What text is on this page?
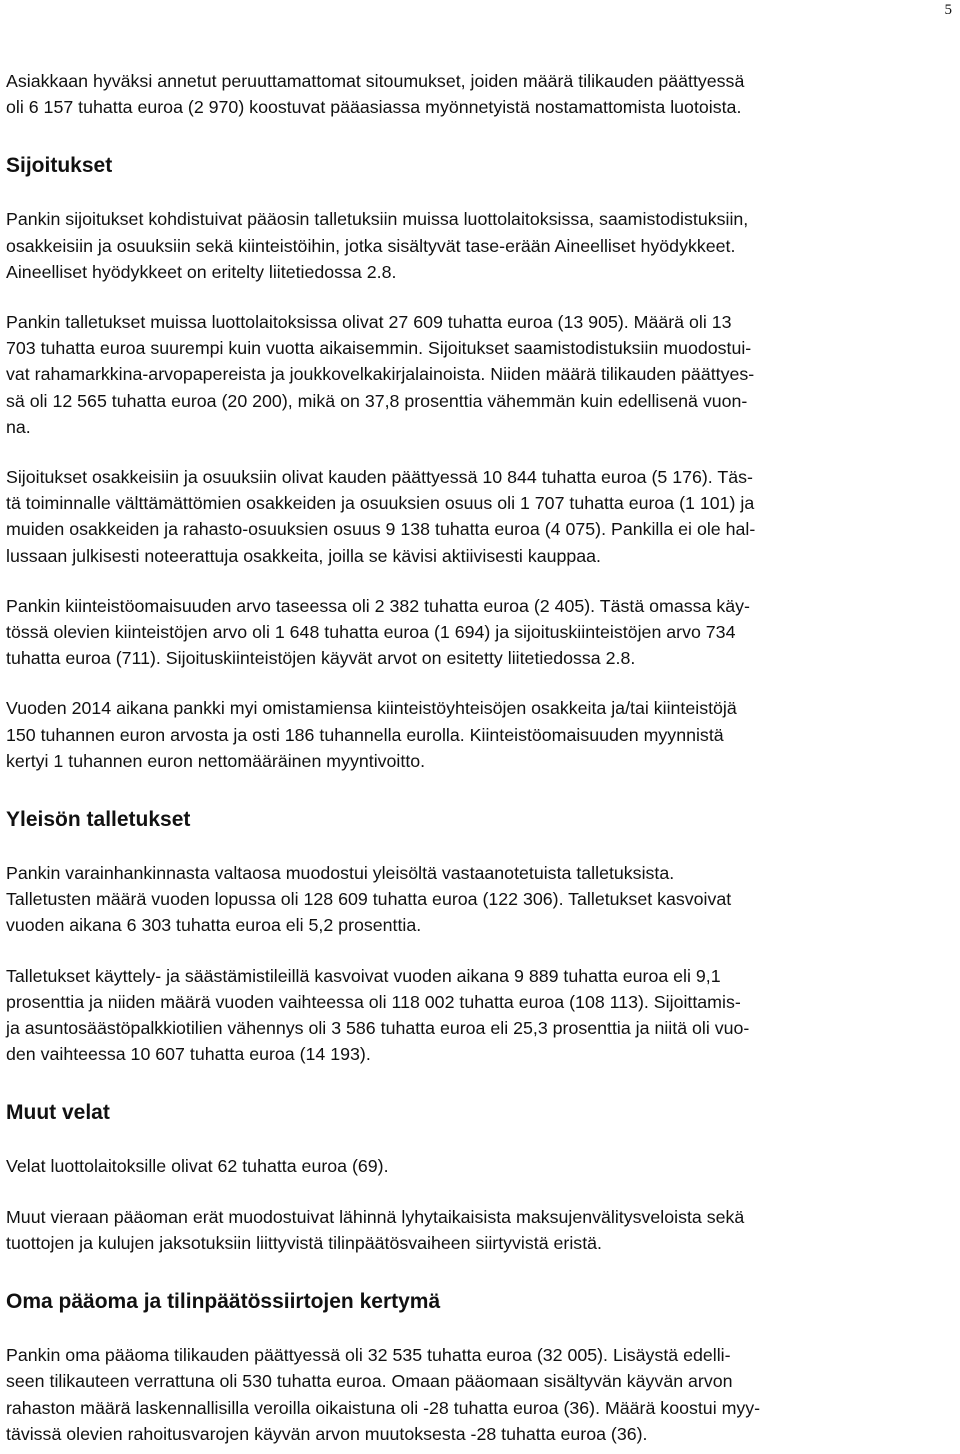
5

Asiakkaan hyväksi annetut peruuttamattomat sitoumukset, joiden määrä tilikauden päättyessä
oli 6 157 tuhatta euroa (2 970) koostuvat pääasiassa myönnetyistä nostamattomista luotoista.

Sijoitukset

Pankin sijoitukset kohdistuivat pääosin talletuksiin muissa luottolaitoksissa, saamistodistuksiin,
osakkeisiin ja osuuksiin sekä kiinteistöihin, jotka sisältyvät tase-erään Aineelliset hyödykkeet.
Aineelliset hyödykkeet on eritelty liitetiedossa 2.8.

Pankin talletukset muissa luottolaitoksissa olivat 27 609 tuhatta euroa (13 905). Määrä oli 13
703 tuhatta euroa suurempi kuin vuotta aikaisemmin. Sijoitukset saamistodistuksiin muodostui-
vat rahamarkkina-arvopapereista ja joukkovelkakirjalainoista. Niiden määrä tilikauden päättyes-
sä oli 12 565 tuhatta euroa (20 200), mikä on 37,8 prosenttia vähemmän kuin edellisenä vuon-
na.

Sijoitukset osakkeisiin ja osuuksiin olivat kauden päättyessä 10 844 tuhatta euroa (5 176). Täs-
tä toiminnalle välttämättömien osakkeiden ja osuuksien osuus oli 1 707 tuhatta euroa (1 101) ja
muiden osakkeiden ja rahasto-osuuksien osuus 9 138 tuhatta euroa (4 075). Pankilla ei ole hal-
lussaan julkisesti noteerattuja osakkeita, joilla se kävisi aktiivisesti kauppaa.

Pankin kiinteistöomaisuuden arvo taseessa oli 2 382 tuhatta euroa (2 405). Tästä omassa käy-
tössä olevien kiinteistöjen arvo oli 1 648 tuhatta euroa (1 694) ja sijoituskiinteistöjen arvo 734
tuhatta euroa (711). Sijoituskiinteistöjen käyvät arvot on esitetty liitetiedossa 2.8.

Vuoden 2014 aikana pankki myi omistamiensa kiinteistöyhteisöjen osakkeita ja/tai kiinteistöjä
150 tuhannen euron arvosta ja osti 186 tuhannella eurolla. Kiinteistöomaisuuden myynnistä
kertyi 1 tuhannen euron nettomääräinen myyntivoitto.

Yleisön talletukset

Pankin varainhankinnasta valtaosa muodostui yleisöltä vastaanotetuista talletuksista.
Talletusten määrä vuoden lopussa oli 128 609 tuhatta euroa (122 306). Talletukset kasvoivat
vuoden aikana 6 303 tuhatta euroa eli 5,2 prosenttia.

Talletukset käyttely- ja säästämistileillä kasvoivat vuoden aikana 9 889 tuhatta euroa eli 9,1
prosenttia ja niiden määrä vuoden vaihteessa oli 118 002 tuhatta euroa (108 113). Sijoittamis-
ja asuntosäästöpalkkiotilien vähennys oli 3 586 tuhatta euroa eli 25,3 prosenttia ja niitä oli vuo-
den vaihteessa 10 607 tuhatta euroa (14 193).

Muut velat

Velat luottolaitoksille olivat 62 tuhatta euroa (69).

Muut vieraan pääoman erät muodostuivat lähinnä lyhytaikaisista maksujenvälitysveloista sekä
tuottojen ja kulujen jaksotuksiin liittyvistä tilinpäätösvaiheen siirtyvistä eristä.

Oma pääoma ja tilinpäätössiirtojen kertymä

Pankin oma pääoma tilikauden päättyessä oli 32 535 tuhatta euroa (32 005). Lisäystä edelli-
seen tilikauteen verrattuna oli 530 tuhatta euroa. Omaan pääomaan sisältyvän käyvän arvon
rahaston määrä laskennallisilla veroilla oikaistuna oli -28 tuhatta euroa (36). Määrä koostui myy-
tävissä olevien rahoitusvarojen käyvän arvon muutoksesta -28 tuhatta euroa (36).
